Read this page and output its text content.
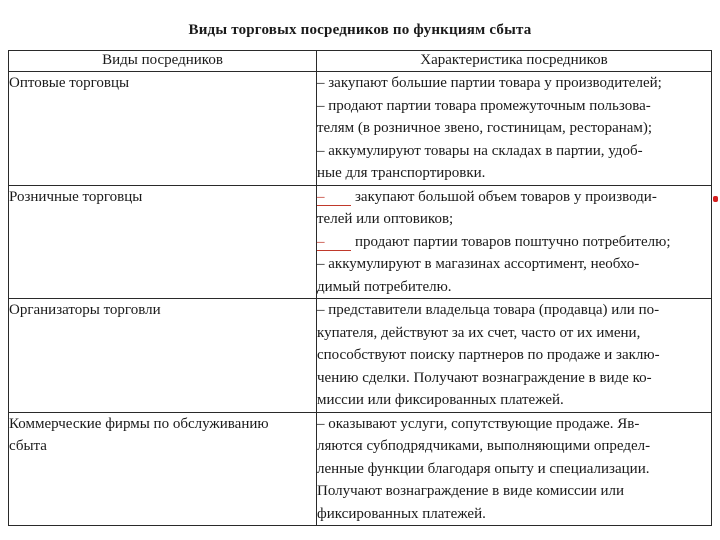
Виды торговых посредников по функциям сбыта
Виды посредников	Характеристика посредников

Оптовые торговцы	– закупают большие партии товара у производителей;
– продают партии товара промежуточным пользова-
телям (в розничное звено, гостиницам, ресторанам);
– аккумулируют товары на складах в партии, удоб-
ные для транспортировки.

Розничные торговцы	– закупают большой объем товаров у производи-
телей или оптовиков;
– продают партии товаров поштучно потребителю;
– аккумулируют в магазинах ассортимент, необхо-
димый потребителю.

Организаторы торговли	– представители владельца товара (продавца) или по-
купателя, действуют за их счет, часто от их имени,
способствуют поиску партнеров по продаже и заклю-
чению сделки. Получают вознаграждение в виде ко-
миссии или фиксированных платежей.

Коммерческие фирмы по обслуживанию
сбыта	– оказывают услуги, сопутствующие продаже. Яв-
ляются субподрядчиками, выполняющими определ-
ленные функции благодаря опыту и специализации.
Получают вознаграждение в виде комиссии или
фиксированных платежей.
